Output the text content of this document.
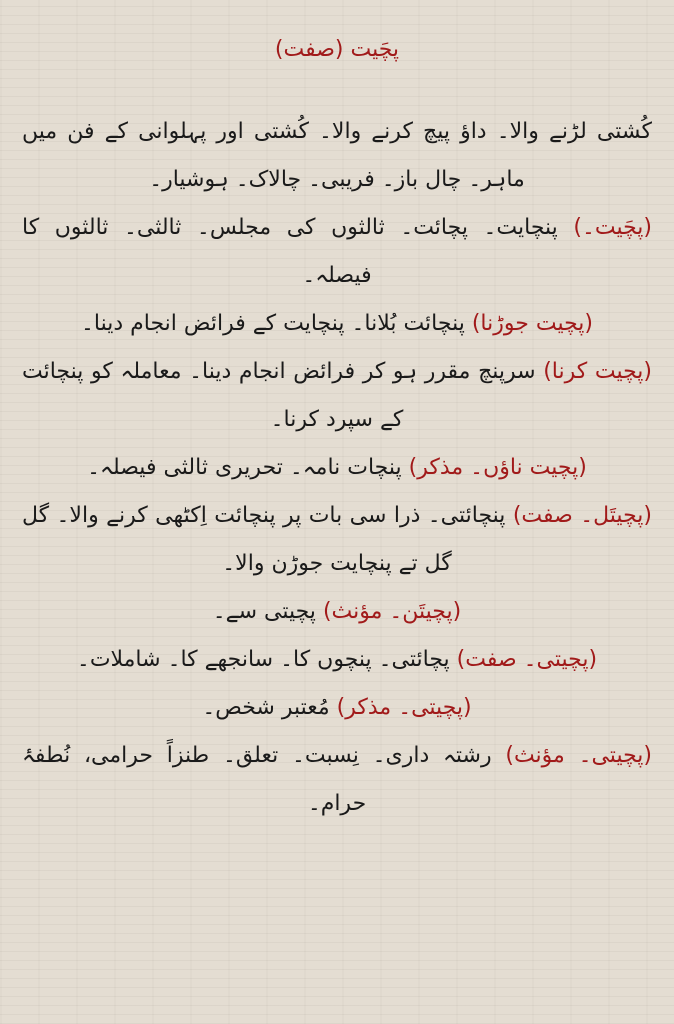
پچَیت (صفت)

کُشتی لڑنے والا۔ داؤ پیچ کرنے والا۔ کُشتی اور پہلوانی کے فن میں ماہر۔ چال باز۔ فریبی۔ چالاک۔ ہوشیار۔

(پچَیت۔) پنچایت۔ پچائت۔ ثالثوں کی مجلس۔ ثالثی۔ ثالثوں کا فیصلہ۔

(پچیت جوڑنا) پنچائت بُلانا۔ پنچایت کے فرائض انجام دینا۔

(پچیت کرنا) سرپنچ مقرر ہو کر فرائض انجام دینا۔ معاملہ کو پنچائت کے سپرد کرنا۔

(پچیت ناؤں۔ مذکر) پنچات نامہ۔ تحریری ثالثی فیصلہ۔

(پچیتَل۔ صفت) پنچائتی۔ ذرا سی بات پر پنچائت اِکٹھی کرنے والا۔ گل گل تے پنچایت جوڑن والا۔

(پچیتَن۔ مؤنث) پچیتی سے۔

(پچیتی۔ صفت) پچائتی۔ پنچوں کا۔ سانجھے کا۔ شاملات۔

(پچیتی۔ مذکر) مُعتبر شخص۔

(پچیتی۔ مؤنث) رشتہ داری۔ نِسبت۔ تعلق۔ طنزاً حرامی، نُطفۂ حرام۔
